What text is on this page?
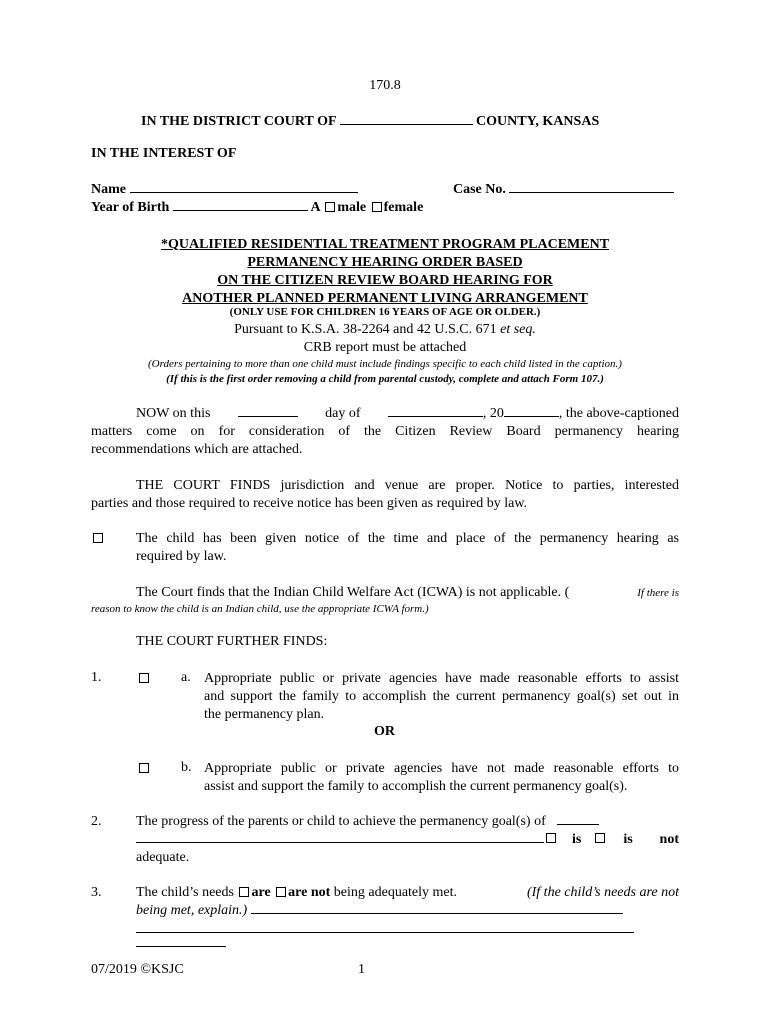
170.8
IN THE DISTRICT COURT OF	COUNTY, KANSAS
IN THE INTEREST OF
Name	Case No.
Year of Birth	A male female
*QUALIFIED RESIDENTIAL TREATMENT PROGRAM PLACEMENT
PERMANENCY HEARING ORDER BASED
ON THE CITIZEN REVIEW BOARD HEARING FOR
ANOTHER PLANNED PERMANENT LIVING ARRANGEMENT
(ONLY USE FOR CHILDREN 16 YEARS OF AGE OR OLDER.)
Pursuant to K.S.A. 38-2264 and 42 U.S.C. 671 et seq.
CRB report must be attached
(Orders pertaining to more than one child must include findings specific to each child listed in the caption.)
(If this is the first order removing a child from parental custody, complete and attach Form 107.)
NOW on this	day of	, 20	, the above-captioned
matters come on for consideration of the Citizen Review Board permanency hearing
recommendations which are attached.
THE COURT FINDS jurisdiction and venue are proper. Notice to parties, interested
parties and those required to receive notice has been given as required by law.
The child has been given notice of the time and place of the permanency hearing as
required by law.
The Court finds that the Indian Child Welfare Act (ICWA) is not applicable. (	If there is
reason to know the child is an Indian child, use the appropriate ICWA form.)
THE COURT FURTHER FINDS:
1.	a. Appropriate public or private agencies have made reasonable efforts to assist
and support the family to accomplish the current permanency goal(s) set out in
the permanency plan.
OR
b. Appropriate public or private agencies have not made reasonable efforts to
assist and support the family to accomplish the current permanency goal(s).
2. The progress of the parents or child to achieve the permanency goal(s) of
is	is not
adequate.
3. The child’s needs are are not being adequately met.	(If the child’s needs are not
being met, explain.)
07/2019 ©KSJC	1
